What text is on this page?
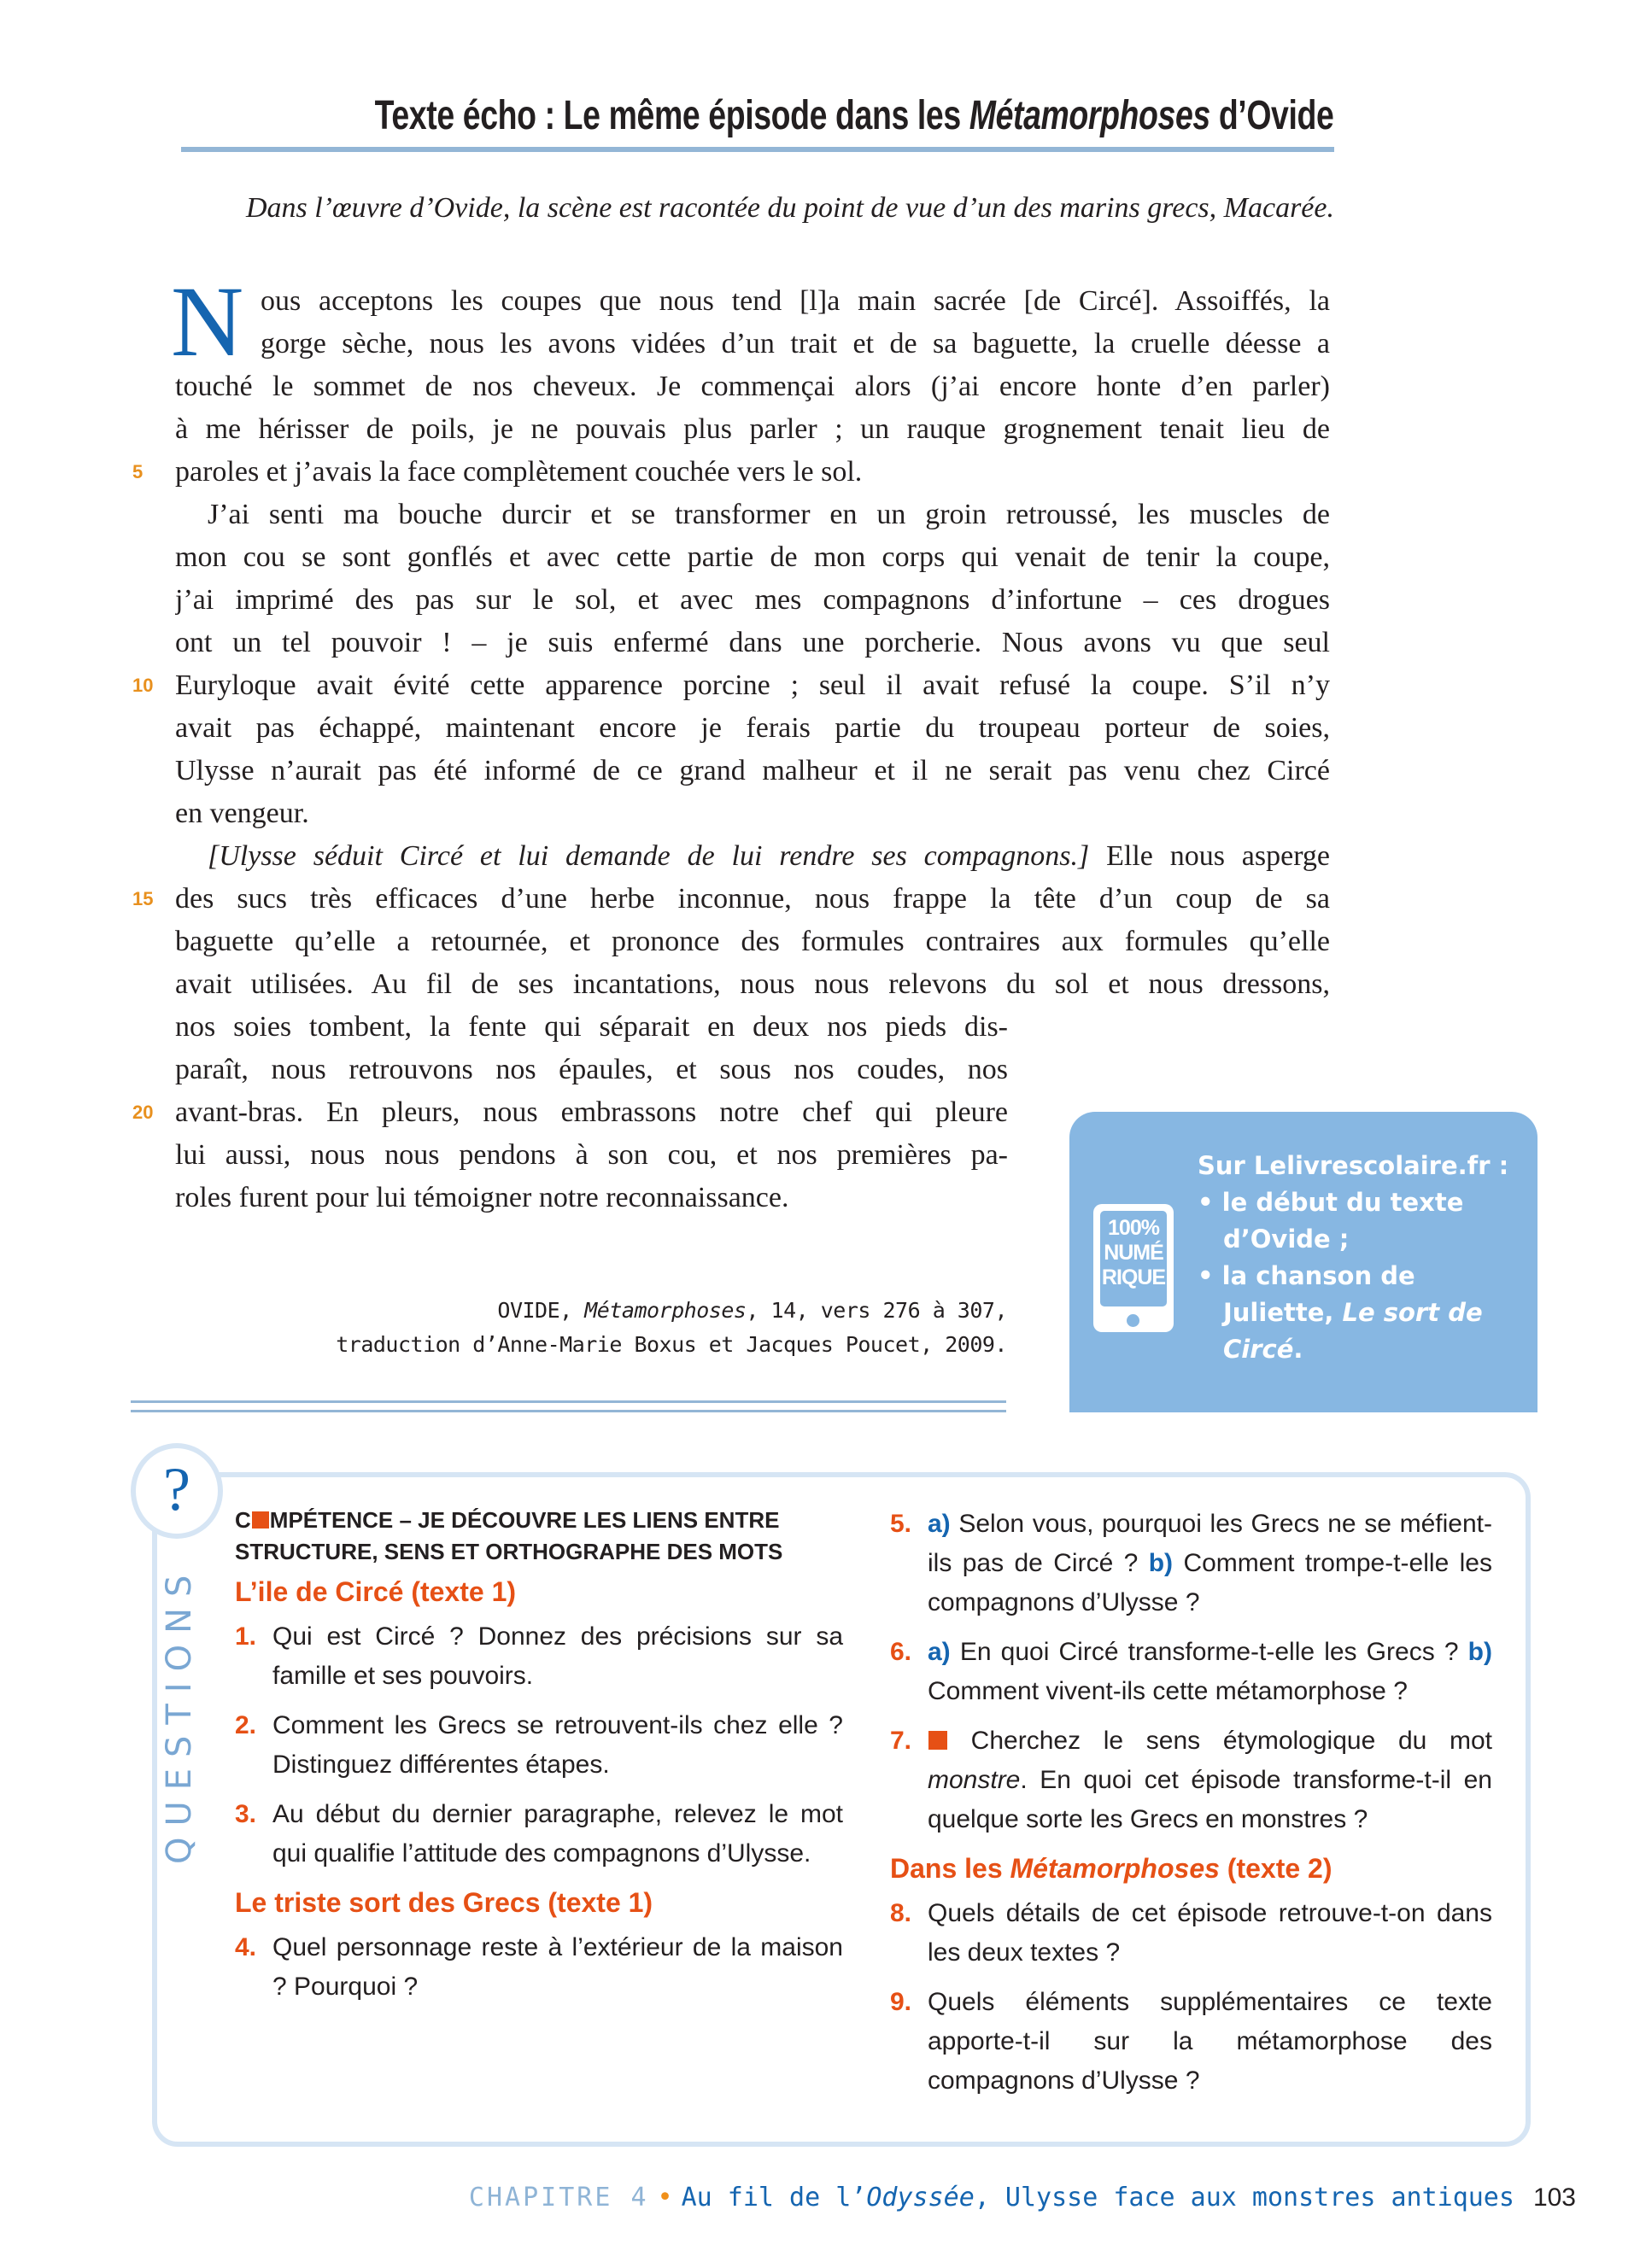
Texte écho : Le même épisode dans les Métamorphoses d’Ovide
Dans l’œuvre d’Ovide, la scène est racontée du point de vue d’un des marins grecs, Macarée.
N ous acceptons les coupes que nous tend [l]a main sacrée [de Circé]. Assoiffés, la
gorge sèche, nous les avons vidées d’un trait et de sa baguette, la cruelle déesse a
touché le sommet de nos cheveux. Je commençai alors (j’ai encore honte d’en parler)
à me hérisser de poils, je ne pouvais plus parler ; un rauque grognement tenait lieu de
paroles et j’avais la face complètement couchée vers le sol.
5
J’ai senti ma bouche durcir et se transformer en un groin retroussé, les muscles de
mon cou se sont gonflés et avec cette partie de mon corps qui venait de tenir la coupe,
j’ai imprimé des pas sur le sol, et avec mes compagnons d’infortune – ces drogues
ont un tel pouvoir ! – je suis enfermé dans une porcherie. Nous avons vu que seul
Euryloque avait évité cette apparence porcine ; seul il avait refusé la coupe. S’il n’y
10
avait pas échappé, maintenant encore je ferais partie du troupeau porteur de soies,
Ulysse n’aurait pas été informé de ce grand malheur et il ne serait pas venu chez Circé
en vengeur.
[Ulysse séduit Circé et lui demande de lui rendre ses compagnons.] Elle nous asperge
des sucs très efficaces d’une herbe inconnue, nous frappe la tête d’un coup de sa
15
baguette qu’elle a retournée, et prononce des formules contraires aux formules qu’elle
avait utilisées. Au fil de ses incantations, nous nous relevons du sol et nous dressons,
nos soies tombent, la fente qui séparait en deux nos pieds dis-
paraît, nous retrouvons nos épaules, et sous nos coudes, nos
avant-bras. En pleurs, nous embrassons notre chef qui pleure
20
lui aussi, nous nous pendons à son cou, et nos premières pa-
roles furent pour lui témoigner notre reconnaissance.
OVIDE, Métamorphoses, 14, vers 276 à 307,
traduction d’Anne-Marie Boxus et Jacques Poucet, 2009.
100%
NUMÉ
RIQUE
Sur Lelivrescolaire.fr :
• le début du texte d’Ovide ;
• la chanson de Juliette, Le sort de Circé.
?
QUESTIONS
C MPÉTENCE – JE DÉCOUVRE LES LIENS ENTRE STRUCTURE, SENS ET ORTHOGRAPHE DES MOTS
L’ile de Circé (texte 1)
1. Qui est Circé ? Donnez des précisions sur sa famille et ses pouvoirs.
2. Comment les Grecs se retrouvent-ils chez elle ? Distinguez différentes étapes.
3. Au début du dernier paragraphe, relevez le mot qui qualifie l’attitude des compagnons d’Ulysse.
Le triste sort des Grecs (texte 1)
4. Quel personnage reste à l’extérieur de la maison ? Pourquoi ?
5. a) Selon vous, pourquoi les Grecs ne se méfient-ils pas de Circé ? b) Comment trompe-t-elle les compagnons d’Ulysse ?
6. a) En quoi Circé transforme-t-elle les Grecs ? b) Comment vivent-ils cette métamorphose ?
7. Cherchez le sens étymologique du mot monstre. En quoi cet épisode transforme-t-il en quelque sorte les Grecs en monstres ?
Dans les Métamorphoses (texte 2)
8. Quels détails de cet épisode retrouve-t-on dans les deux textes ?
9. Quels éléments supplémentaires ce texte apporte-t-il sur la métamorphose des compagnons d’Ulysse ?
CHAPITRE 4 • Au fil de l’Odyssée, Ulysse face aux monstres antiques 103
